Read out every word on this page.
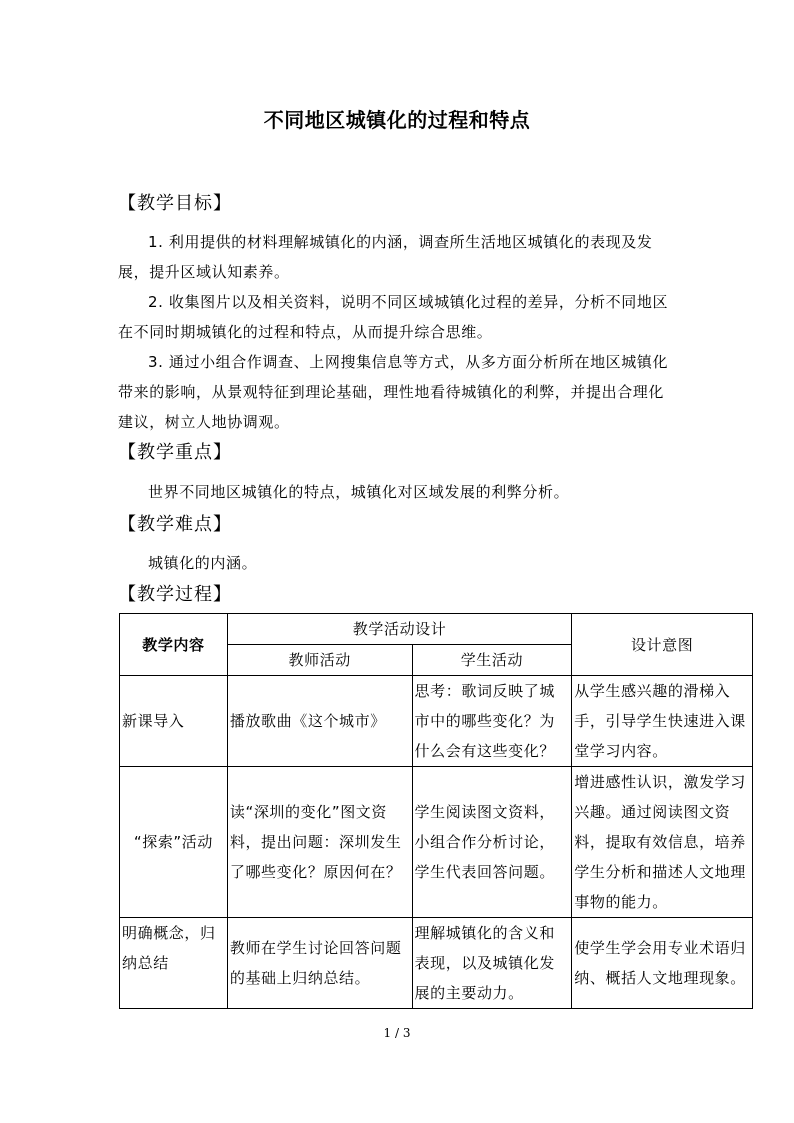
不同地区城镇化的过程和特点
【教学目标】
1. 利用提供的材料理解城镇化的内涵，调查所生活地区城镇化的表现及发展，提升区域认知素养。
2. 收集图片以及相关资料，说明不同区域城镇化过程的差异，分析不同地区在不同时期城镇化的过程和特点，从而提升综合思维。
3. 通过小组合作调查、上网搜集信息等方式，从多方面分析所在地区城镇化带来的影响，从景观特征到理论基础，理性地看待城镇化的利弊，并提出合理化建议，树立人地协调观。
【教学重点】
世界不同地区城镇化的特点，城镇化对区域发展的利弊分析。
【教学难点】
城镇化的内涵。
【教学过程】
教学内容	教学活动设计		设计意图
	教师活动	学生活动	
新课导入	播放歌曲《这个城市》	思考：歌词反映了城市中的哪些变化？为什么会有这些变化？	从学生感兴趣的滑梯入手，引导学生快速进入课堂学习内容。
“探索”活动	读“深圳的变化”图文资料，提出问题：深圳发生了哪些变化？原因何在？	学生阅读图文资料，小组合作分析讨论，学生代表回答问题。	增进感性认识，激发学习兴趣。通过阅读图文资料，提取有效信息，培养学生分析和描述人文地理事物的能力。
明确概念，归纳总结	教师在学生讨论回答问题的基础上归纳总结。	理解城镇化的含义和表现，以及城镇化发展的主要动力。	使学生学会用专业术语归纳、概括人文地理现象。
1 / 3
